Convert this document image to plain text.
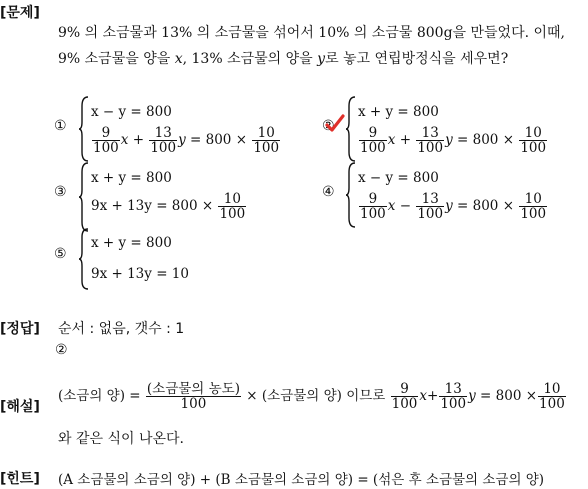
[문제]
9% 의 소금물과 13% 의 소금물을 섞어서 10% 의 소금물 800g을 만들었다. 이때,
9% 소금물을 양을 x, 13% 소금물의 양을 y로 놓고 연립방정식을 세우면?
①
x − y = 800
$\frac{9}{100}$ $x + \frac{13}{100}$ $y = 800 \times \frac{10}{100}$	②
x + y = 800
$\frac{9}{100}$ $x + \frac{13}{100}$ $y = 800 \times \frac{10}{100}$
③
x + y = 800
$9x + 13y = 800 \times \frac{10}{100}$	④
x − y = 800
$\frac{9}{100}$ $x - \frac{13}{100}$ $y = 800 \times \frac{10}{100}$
⑤
x + y = 800
9x + 13y = 10
[정답] 순서 : 없음, 갯수 : 1
②
[해설]
(소금의 양) = $\frac{\text{(소금물의 농도)}}{100}$ × (소금물의 양) 이므로 $\frac{9}{100} x+ \frac{13}{100}$ $y = 800 \times \frac{10}{100}$
와 같은 식이 나온다.
[힌트] (A 소금물의 소금의 양) + (B 소금물의 소금의 양) = (섞은 후 소금물의 소금의 양)
